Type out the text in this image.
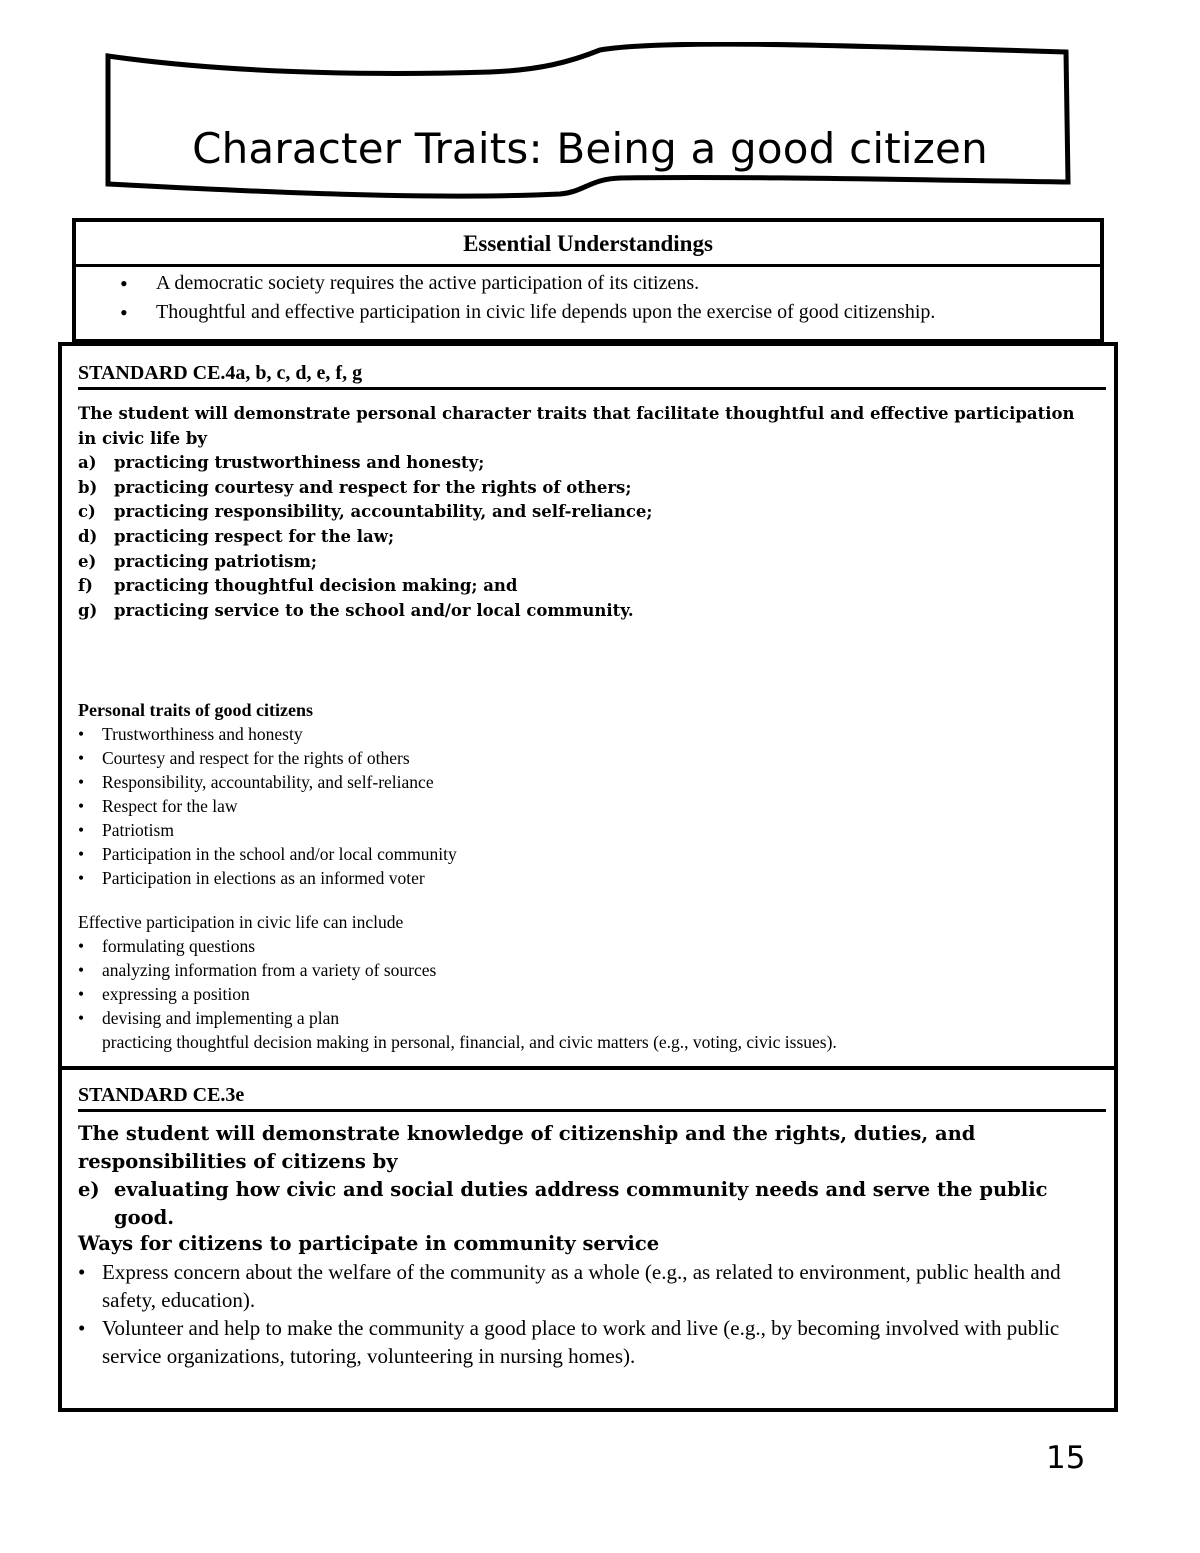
Character Traits: Being a good citizen
Essential Understandings
• A democratic society requires the active participation of its citizens.
• Thoughtful and effective participation in civic life depends upon the exercise of good citizenship.
STANDARD CE.4a, b, c, d, e, f, g

The student will demonstrate personal character traits that facilitate thoughtful and effective participation in civic life by

a) practicing trustworthiness and honesty;
b) practicing courtesy and respect for the rights of others;
c) practicing responsibility, accountability, and self-reliance;
d) practicing respect for the law;
e) practicing patriotism;
f) practicing thoughtful decision making; and
g) practicing service to the school and/or local community.
Personal traits of good citizens
• Trustworthiness and honesty
• Courtesy and respect for the rights of others
• Responsibility, accountability, and self-reliance
• Respect for the law
• Patriotism
• Participation in the school and/or local community
• Participation in elections as an informed voter

Effective participation in civic life can include

• formulating questions
• analyzing information from a variety of sources
• expressing a position
• devising and implementing a plan

practicing thoughtful decision making in personal, financial, and civic matters (e.g., voting, civic issues).

STANDARD CE.3e

The student will demonstrate knowledge of citizenship and the rights, duties, and responsibilities of citizens by

e) evaluating how civic and social duties address community needs and serve the public good.

Ways for citizens to participate in community service
• Express concern about the welfare of the community as a whole (e.g., as related to environment, public health and safety, education).
• Volunteer and help to make the community a good place to work and live (e.g., by becoming involved with public service organizations, tutoring, volunteering in nursing homes).
15
